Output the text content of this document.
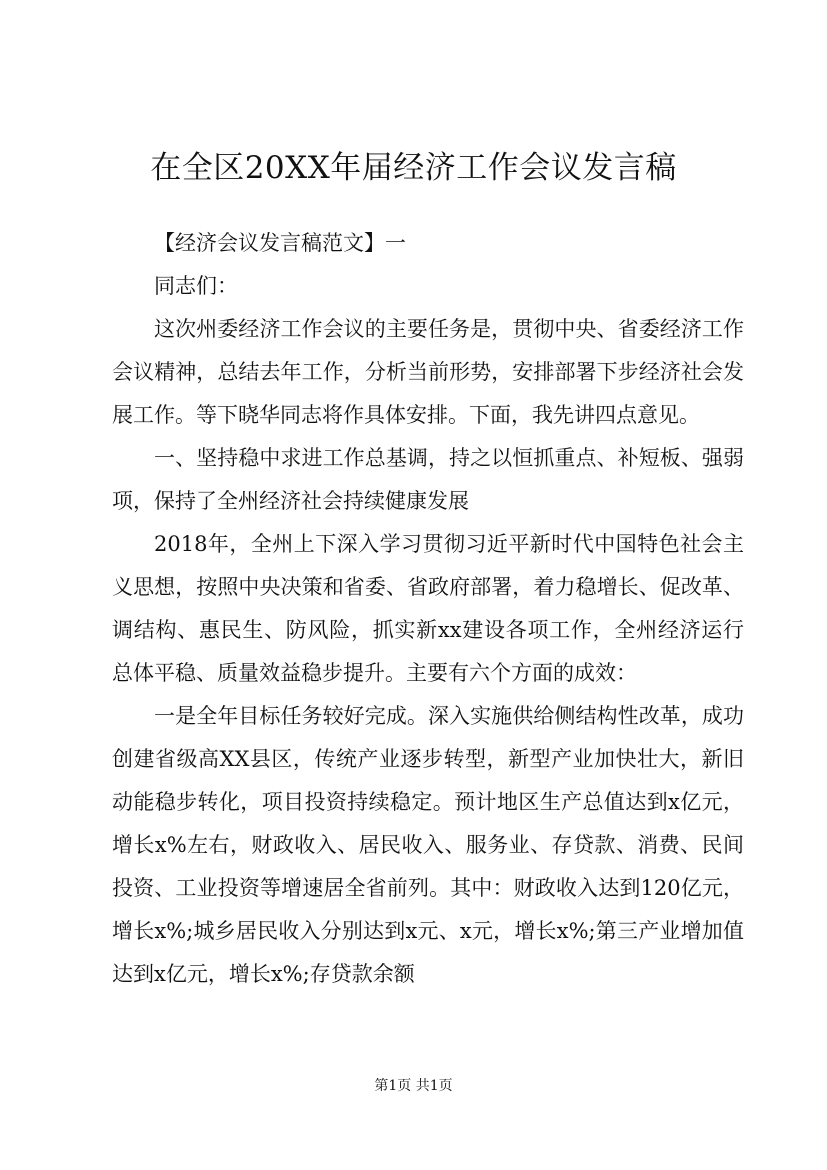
在全区20XX年届经济工作会议发言稿

【经济会议发言稿范文】一

同志们：

这次州委经济工作会议的主要任务是，贯彻中央、省委经济工作会议精神，总结去年工作，分析当前形势，安排部署下步经济社会发展工作。等下晓华同志将作具体安排。下面，我先讲四点意见。

一、坚持稳中求进工作总基调，持之以恒抓重点、补短板、强弱项，保持了全州经济社会持续健康发展

2018年，全州上下深入学习贯彻习近平新时代中国特色社会主义思想，按照中央决策和省委、省政府部署，着力稳增长、促改革、调结构、惠民生、防风险，抓实新xx建设各项工作，全州经济运行总体平稳、质量效益稳步提升。主要有六个方面的成效：

一是全年目标任务较好完成。深入实施供给侧结构性改革，成功创建省级高XX县区，传统产业逐步转型，新型产业加快壮大，新旧动能稳步转化，项目投资持续稳定。预计地区生产总值达到x亿元，增长x%左右，财政收入、居民收入、服务业、存贷款、消费、民间投资、工业投资等增速居全省前列。其中：财政收入达到120亿元，增长x%;城乡居民收入分别达到x元、x元，增长x%;第三产业增加值达到x亿元，增长x%;存贷款余额

第1页 共1页
